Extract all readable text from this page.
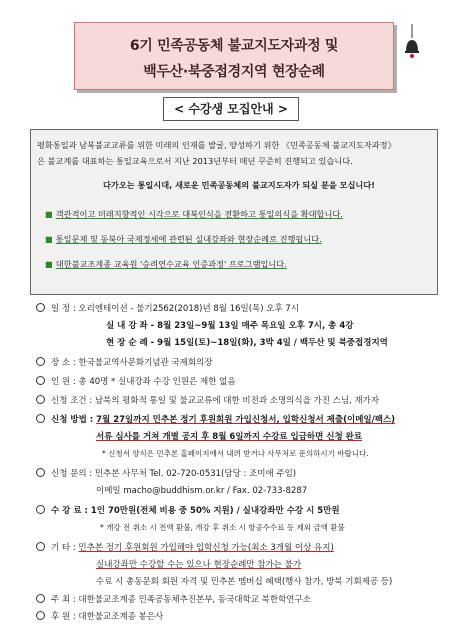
6기 민족공동체 불교지도자과정 및
백두산·북중접경지역 현장순례
< 수강생 모집안내 >
평화통일과 남북불교교류를 위한 미래의 인재를 발굴, 양성하기 위한 《민족공동체 불교지도자과정》
은 불교계를 대표하는 통일교육으로서 지난 2013년부터 매년 꾸준히 진행되고 있습니다.
다가오는 통일시대, 새로운 민족공동체의 불교지도자가 되실 분을 모십니다!
■ 객관적이고 미래지향적인 시각으로 대북인식을 전환하고 통일의식을 확대합니다.
■ 통일문제 및 동북아 국제정세에 관련된 실내강좌와 현장순례로 진행됩니다.
■ 대한불교조계종 교육원 '승려연수교육 인증과정' 프로그램입니다.
일 정 : 오리엔테이션 - 불기2562(2018)년 8월 16일(목) 오후 7시
실 내 강 좌 - 8월 23일~9월 13일 매주 목요일 오후 7시, 총 4강
현 장 순 례 - 9월 15일(토)~18일(화), 3박 4일 / 백두산 및 북중접경지역
장 소 : 한국불교역사문화기념관 국제회의장
인 원 : 총 40명 * 실내강좌 수강 인원은 제한 없음
신청 조건 : 남북의 평화적 통일 및 불교교류에 대한 비전과 소명의식을 가진 스님, 재가자
신청 방법 : 7월 27일까지 민추본 정기 후원회원 가입신청서, 입학신청서 제출(이메일/팩스)
서류 심사를 거쳐 개별 공지 후 8월 6일까지 수강료 입금하면 신청 완료
* 신청서 양식은 민추본 홈페이지에서 내려 받거나 사무처로 문의하시기 바랍니다.
신청 문의 : 민추본 사무처 Tel. 02-720-0531(담당 : 조미애 주임)
이메일 macho@buddhism.or.kr / Fax. 02-733-8287
수 강 료 : 1인 70만원(전체 비용 중 50% 지원) / 실내강좌만 수강 시 5만원
* 개강 전 취소 시 전액 환불, 개강 후 취소 시 항공수수료 등 제외 금액 환불
기 타 : 민추본 정기 후원회원 가입해야 입학신청 가능(최소 3개월 이상 유지)
실내강좌만 수강할 수는 있으나 현장순례만 참가는 불가
수료 시 총동문회 회원 자격 및 민추본 멤버십 혜택(행사 참가, 방북 기회제공 등)
주 최 : 대한불교조계종 민족공동체추진본부, 동국대학교 북한학연구소
후 원 : 대한불교조계종 봉은사
